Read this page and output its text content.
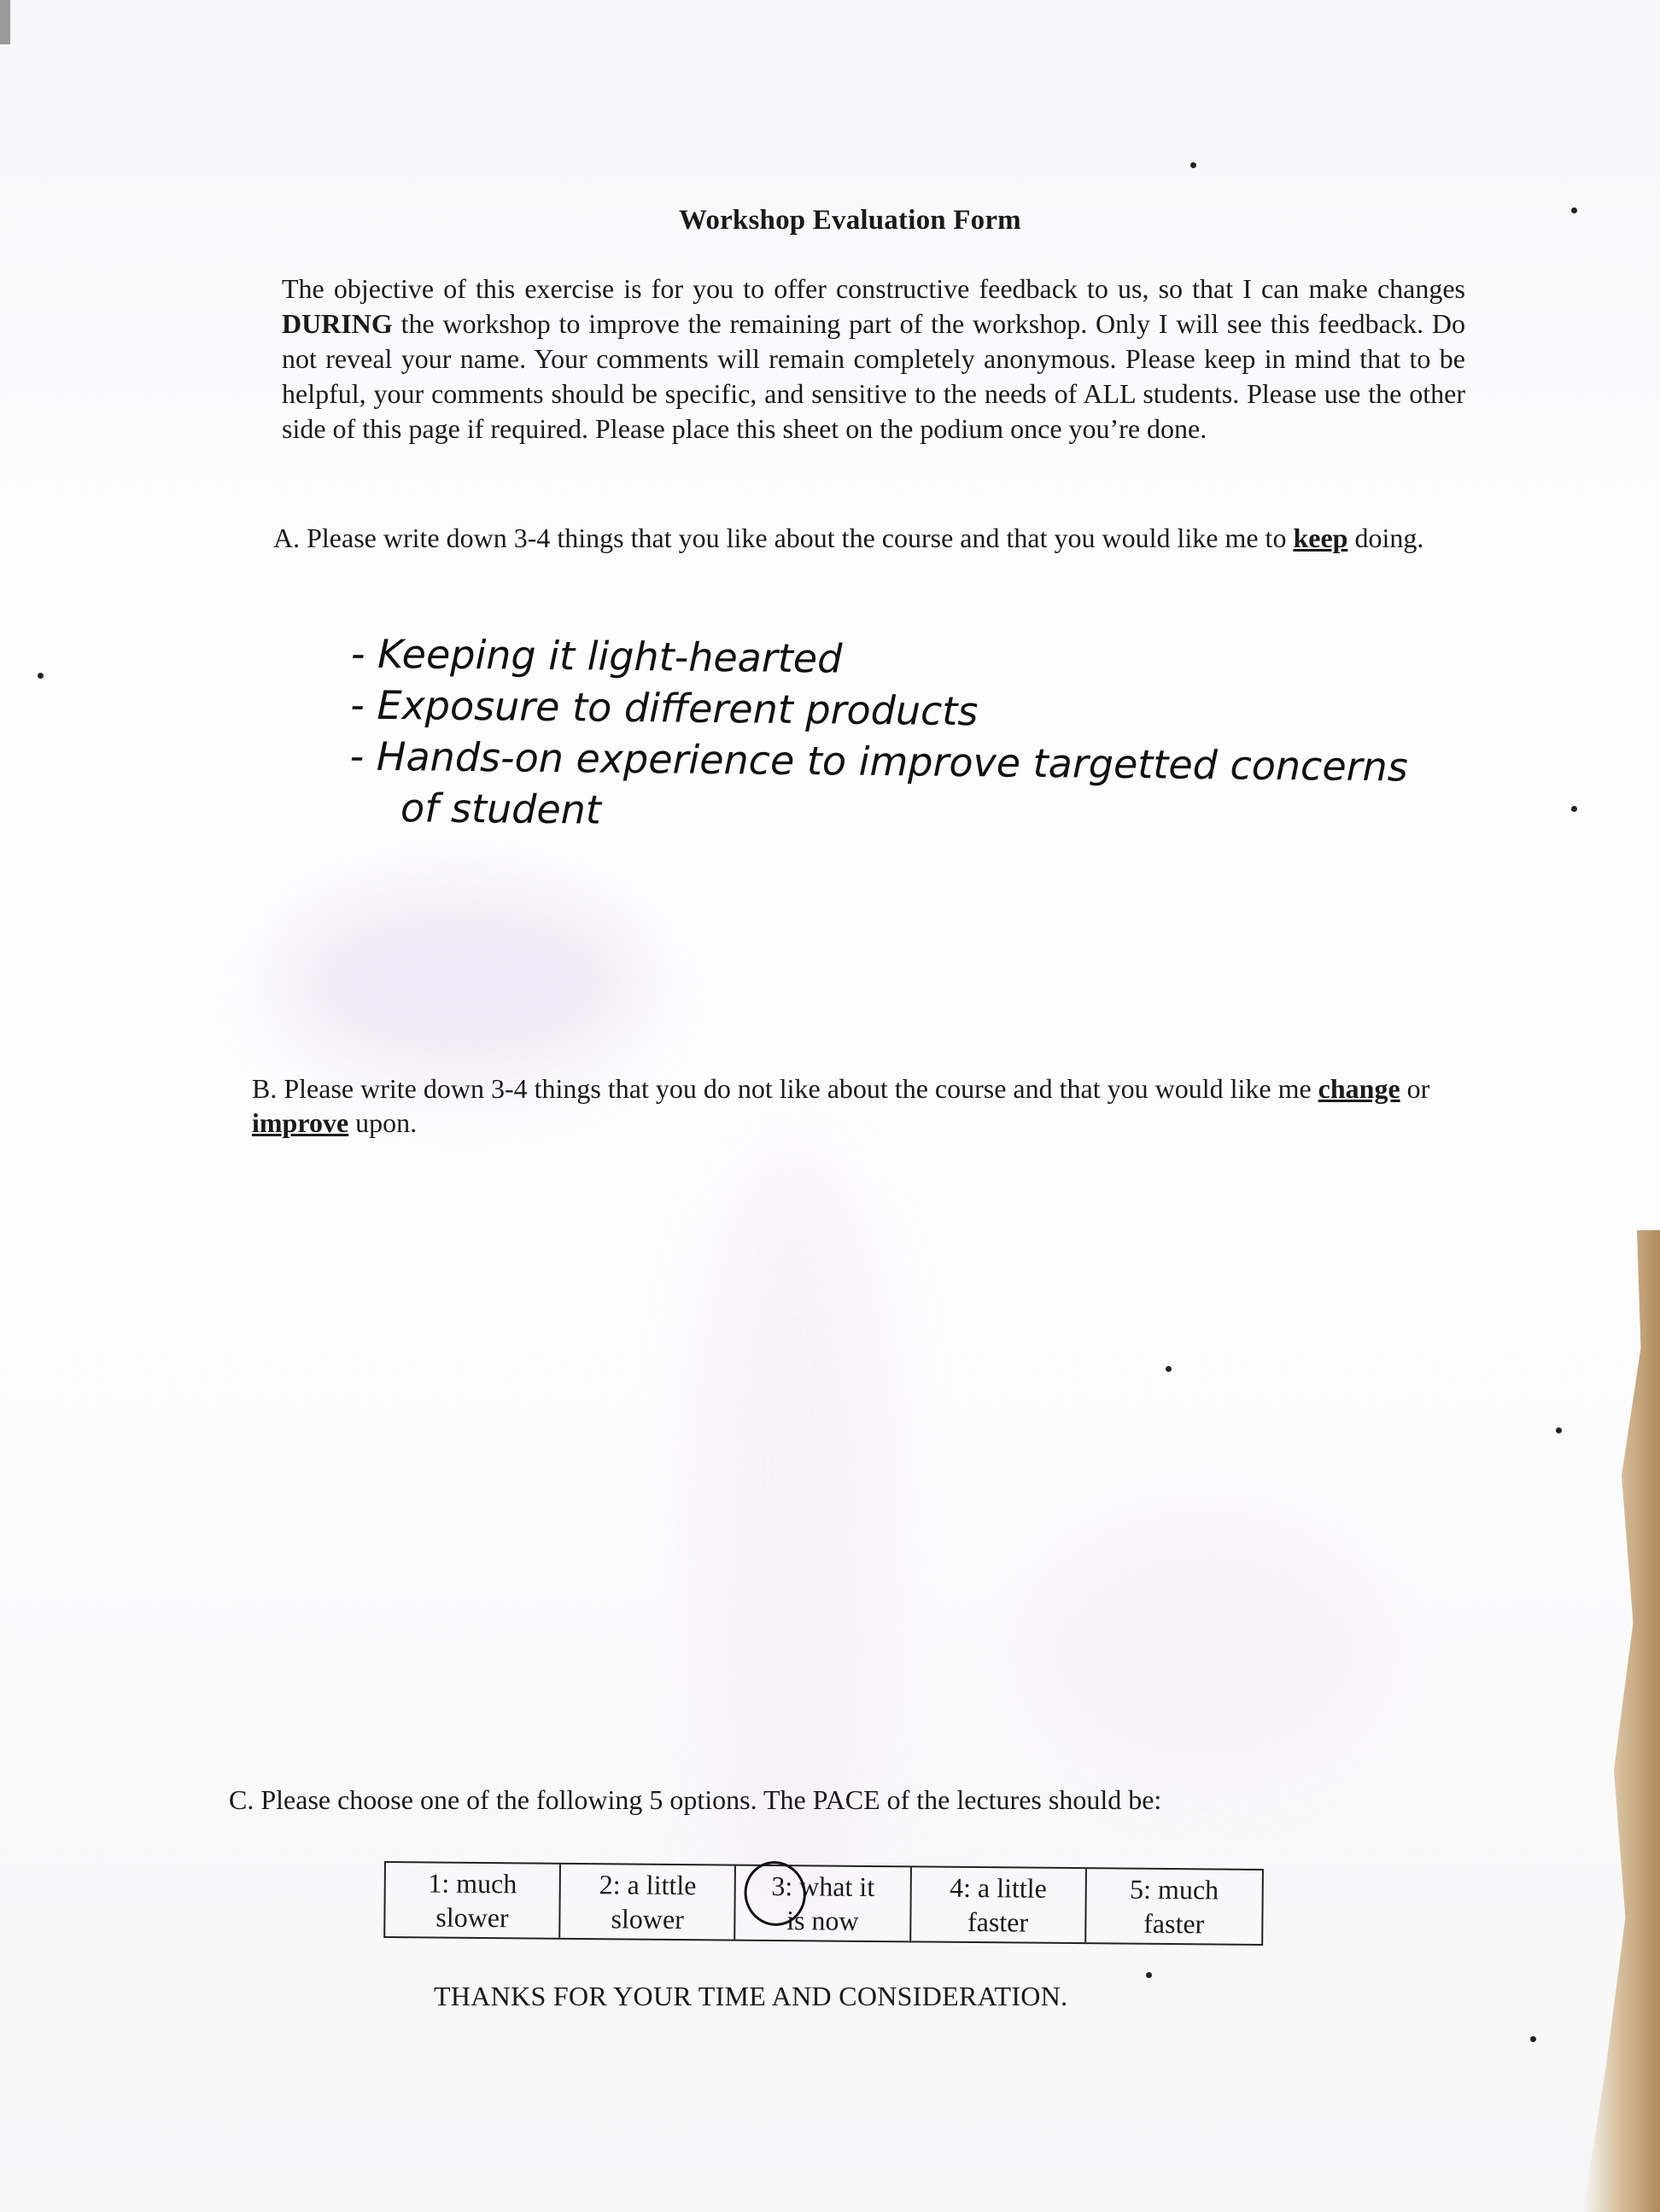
Workshop Evaluation Form
The objective of this exercise is for you to offer constructive feedback to us, so that I can make changes DURING the workshop to improve the remaining part of the workshop. Only I will see this feedback. Do not reveal your name. Your comments will remain completely anonymous. Please keep in mind that to be helpful, your comments should be specific, and sensitive to the needs of ALL students. Please use the other side of this page if required. Please place this sheet on the podium once you’re done.
A. Please write down 3-4 things that you like about the course and that you would like me to keep doing.
- Keeping it light-hearted
- Exposure to different products
- Hands-on experience to improve targetted concerns
of student
B. Please write down 3-4 things that you do not like about the course and that you would like me change or improve upon.
C. Please choose one of the following 5 options. The PACE of the lectures should be:
1: much
slower
2: a little
slower
3: what it
is now
4: a little
faster
5: much
faster
THANKS FOR YOUR TIME AND CONSIDERATION.
